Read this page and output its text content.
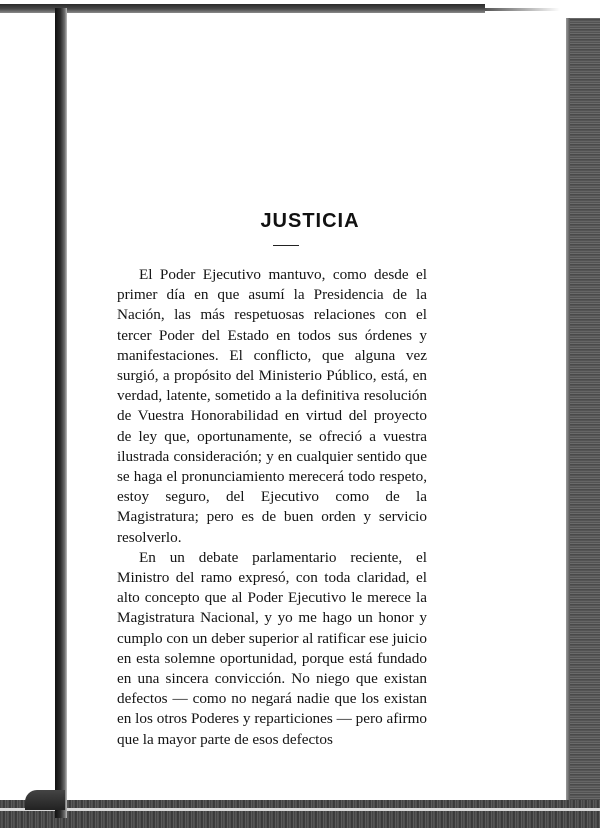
JUSTICIA

El Poder Ejecutivo mantuvo, como desde el primer día en que asumí la Presidencia de la Nación, las más respetuosas relaciones con el tercer Poder del Estado en todos sus órdenes y manifestaciones. El conflicto, que alguna vez surgió, a propósito del Ministerio Público, está, en verdad, latente, sometido a la definitiva resolución de Vuestra Honorabilidad en virtud del proyecto de ley que, oportunamente, se ofreció a vuestra ilustrada consideración; y en cualquier sentido que se haga el pronunciamiento merecerá todo respeto, estoy seguro, del Ejecutivo como de la Magistratura; pero es de buen orden y servicio resolverlo.

En un debate parlamentario reciente, el Ministro del ramo expresó, con toda claridad, el alto concepto que al Poder Ejecutivo le merece la Magistratura Nacional, y yo me hago un honor y cumplo con un deber superior al ratificar ese juicio en esta solemne oportunidad, porque está fundado en una sincera convicción. No niego que existan defectos — como no negará nadie que los existan en los otros Poderes y reparticiones — pero afirmo que la mayor parte de esos defectos
